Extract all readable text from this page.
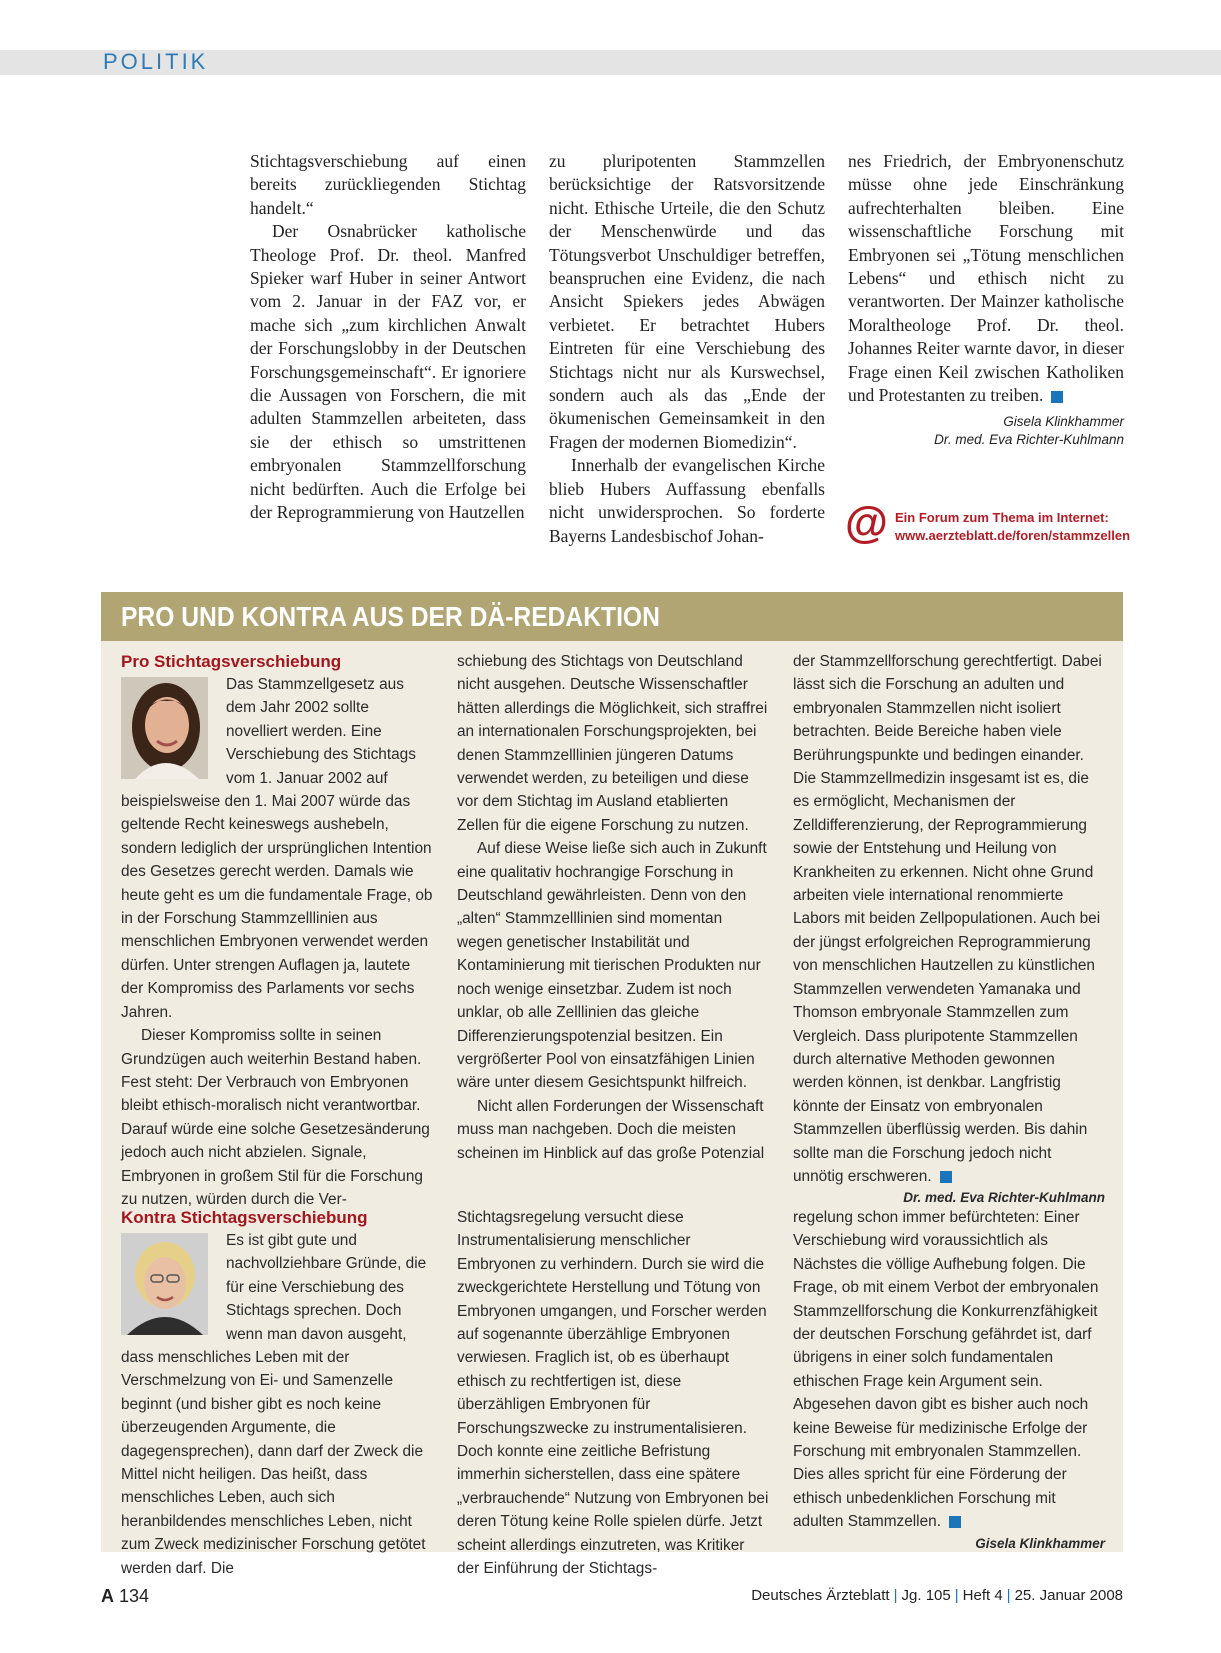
POLITIK

Stichtagsverschiebung auf einen bereits zurückliegenden Stichtag handelt.“

Der Osnabrücker katholische Theologe Prof. Dr. theol. Manfred Spieker warf Huber in seiner Antwort vom 2. Januar in der FAZ vor, er mache sich „zum kirchlichen Anwalt der Forschungslobby in der Deutschen Forschungsgemeinschaft“. Er ignoriere die Aussagen von Forschern, die mit adulten Stammzellen arbeiteten, dass sie der ethisch so umstrittenen embryonalen Stammzellforschung nicht bedürften. Auch die Erfolge bei der Reprogrammierung von Hautzellen

zu pluripotenten Stammzellen berücksichtige der Ratsvorsitzende nicht. Ethische Urteile, die den Schutz der Menschenwürde und das Tötungsverbot Unschuldiger betreffen, beanspruchen eine Evidenz, die nach Ansicht Spiekers jedes Abwägen verbietet. Er betrachtet Hubers Eintreten für eine Verschiebung des Stichtags nicht nur als Kurswechsel, sondern auch als das „Ende der ökumenischen Gemeinsamkeit in den Fragen der modernen Biomedizin“.

Innerhalb der evangelischen Kirche blieb Hubers Auffassung ebenfalls nicht unwidersprochen. So forderte Bayerns Landesbischof Johan-

nes Friedrich, der Embryonenschutz müsse ohne jede Einschränkung aufrechterhalten bleiben. Eine wissenschaftliche Forschung mit Embryonen sei „Tötung menschlichen Lebens“ und ethisch nicht zu verantworten. Der Mainzer katholische Moraltheologe Prof. Dr. theol. Johannes Reiter warnte davor, in dieser Frage einen Keil zwischen Katholiken und Protestanten zu treiben.

Gisela Klinkhammer
Dr. med. Eva Richter-Kuhlmann
@ Ein Forum zum Thema im Internet:
www.aerzteblatt.de/foren/stammzellen
PRO UND KONTRA AUS DER DÄ-REDAKTION
Pro Stichtagsverschiebung

Das Stammzellgesetz aus dem Jahr 2002 sollte novelliert werden. Eine Verschiebung des Stichtags vom 1. Januar 2002 auf beispielsweise den 1. Mai 2007 würde das geltende Recht keineswegs aushebeln, sondern lediglich der ursprünglichen Intention des Gesetzes gerecht werden. Damals wie heute geht es um die fundamentale Frage, ob in der Forschung Stammzelllinien aus menschlichen Embryonen verwendet werden dürfen. Unter strengen Auflagen ja, lautete der Kompromiss des Parlaments vor sechs Jahren.

Dieser Kompromiss sollte in seinen Grundzügen auch weiterhin Bestand haben. Fest steht: Der Verbrauch von Embryonen bleibt ethisch-moralisch nicht verantwortbar. Darauf würde eine solche Gesetzesänderung jedoch auch nicht abzielen. Signale, Embryonen in großem Stil für die Forschung zu nutzen, würden durch die Ver-

schiebung des Stichtags von Deutschland nicht ausgehen. Deutsche Wissenschaftler hätten allerdings die Möglichkeit, sich straffrei an internationalen Forschungsprojekten, bei denen Stammzelllinien jüngeren Datums verwendet werden, zu beteiligen und diese vor dem Stichtag im Ausland etablierten Zellen für die eigene Forschung zu nutzen.

Auf diese Weise ließe sich auch in Zukunft eine qualitativ hochrangige Forschung in Deutschland gewährleisten. Denn von den „alten“ Stammzelllinien sind momentan wegen genetischer Instabilität und Kontaminierung mit tierischen Produkten nur noch wenige einsetzbar. Zudem ist noch unklar, ob alle Zelllinien das gleiche Differenzierungspotenzial besitzen. Ein vergrößerter Pool von einsatzfähigen Linien wäre unter diesem Gesichtspunkt hilfreich.

Nicht allen Forderungen der Wissenschaft muss man nachgeben. Doch die meisten scheinen im Hinblick auf das große Potenzial

der Stammzellforschung gerechtfertigt. Dabei lässt sich die Forschung an adulten und embryonalen Stammzellen nicht isoliert betrachten. Beide Bereiche haben viele Berührungspunkte und bedingen einander. Die Stammzellmedizin insgesamt ist es, die es ermöglicht, Mechanismen der Zelldifferenzierung, der Reprogrammierung sowie der Entstehung und Heilung von Krankheiten zu erkennen. Nicht ohne Grund arbeiten viele international renommierte Labors mit beiden Zellpopulationen. Auch bei der jüngst erfolgreichen Reprogrammierung von menschlichen Hautzellen zu künstlichen Stammzellen verwendeten Yamanaka und Thomson embryonale Stammzellen zum Vergleich. Dass pluripotente Stammzellen durch alternative Methoden gewonnen werden können, ist denkbar. Langfristig könnte der Einsatz von embryonalen Stammzellen überflüssig werden. Bis dahin sollte man die Forschung jedoch nicht unnötig erschweren.

Dr. med. Eva Richter-Kuhlmann
Kontra Stichtagsverschiebung

Es ist gibt gute und nachvollziehbare Gründe, die für eine Verschiebung des Stichtags sprechen. Doch wenn man davon ausgeht, dass menschliches Leben mit der Verschmelzung von Ei- und Samenzelle beginnt (und bisher gibt es noch keine überzeugenden Argumente, die dagegensprechen), dann darf der Zweck die Mittel nicht heiligen. Das heißt, dass menschliches Leben, auch sich heranbildendes menschliches Leben, nicht zum Zweck medizinischer Forschung getötet werden darf. Die

Stichtagsregelung versucht diese Instrumentalisierung menschlicher Embryonen zu verhindern. Durch sie wird die zweckgerichtete Herstellung und Tötung von Embryonen umgangen, und Forscher werden auf sogenannte überzählige Embryonen verwiesen. Fraglich ist, ob es überhaupt ethisch zu rechtfertigen ist, diese überzähligen Embryonen für Forschungszwecke zu instrumentalisieren. Doch konnte eine zeitliche Befristung immerhin sicherstellen, dass eine spätere „verbrauchende“ Nutzung von Embryonen bei deren Tötung keine Rolle spielen dürfe. Jetzt scheint allerdings einzutreten, was Kritiker der Einführung der Stichtags-

regelung schon immer befürchteten: Einer Verschiebung wird voraussichtlich als Nächstes die völlige Aufhebung folgen. Die Frage, ob mit einem Verbot der embryonalen Stammzellforschung die Konkurrenzfähigkeit der deutschen Forschung gefährdet ist, darf übrigens in einer solch fundamentalen ethischen Frage kein Argument sein. Abgesehen davon gibt es bisher auch noch keine Beweise für medizinische Erfolge der Forschung mit embryonalen Stammzellen. Dies alles spricht für eine Förderung der ethisch unbedenklichen Forschung mit adulten Stammzellen.

Gisela Klinkhammer
A 134	Deutsches Ärzteblatt | Jg. 105 | Heft 4 | 25. Januar 2008
